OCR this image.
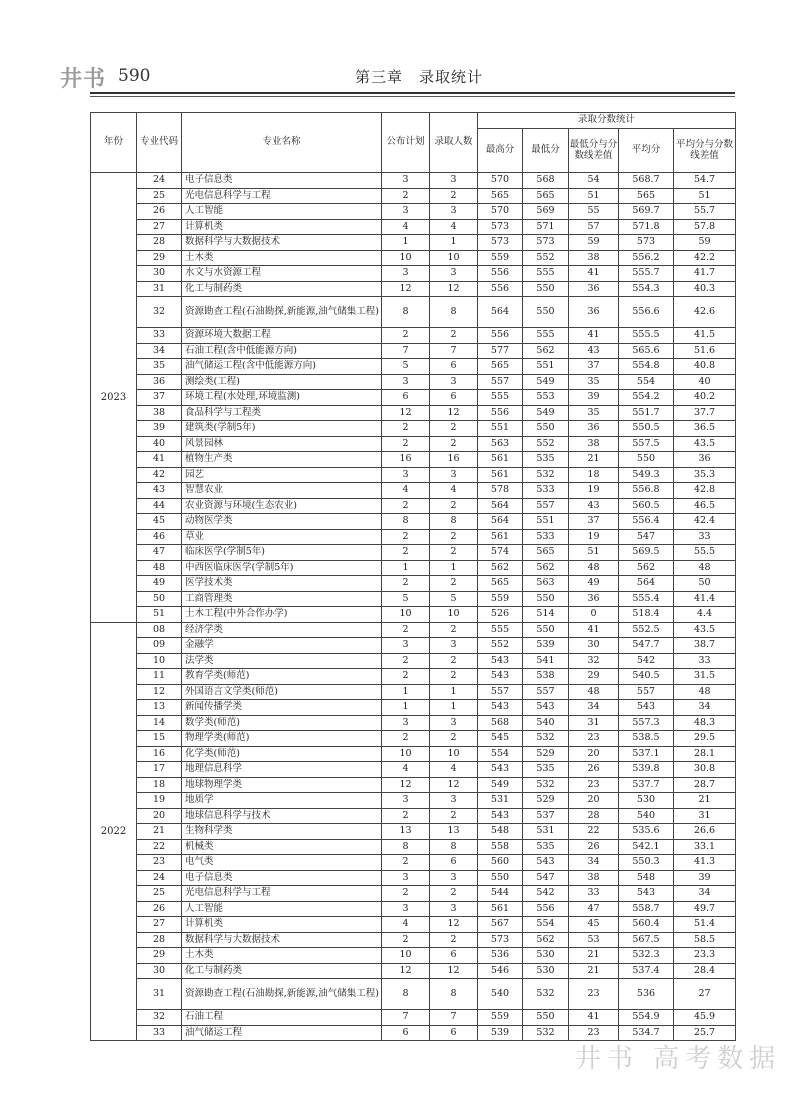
井书 590	第三章　录取统计
年份	专业代码	专业名称	公布计划	录取人数	录取分数统计				
					最高分	最低分	最低分与分数线差值	平均分	平均分与分数线差值
2023	24	电子信息类	3	3	570	568	54	568.7	54.7
	25	光电信息科学与工程	2	2	565	565	51	565	51
	26	人工智能	3	3	570	569	55	569.7	55.7
	27	计算机类	4	4	573	571	57	571.8	57.8
	28	数据科学与大数据技术	1	1	573	573	59	573	59
	29	土木类	10	10	559	552	38	556.2	42.2
	30	水文与水资源工程	3	3	556	555	41	555.7	41.7
	31	化工与制药类	12	12	556	550	36	554.3	40.3
	32	资源勘查工程(石油勘探,新能源,油气储集工程)	8	8	564	550	36	556.6	42.6
	33	资源环境大数据工程	2	2	556	555	41	555.5	41.5
	34	石油工程(含中低能源方向)	7	7	577	562	43	565.6	51.6
	35	油气储运工程(含中低能源方向)	5	6	565	551	37	554.8	40.8
	36	测绘类(工程)	3	3	557	549	35	554	40
	37	环境工程(水处理,环境监测)	6	6	555	553	39	554.2	40.2
	38	食品科学与工程类	12	12	556	549	35	551.7	37.7
	39	建筑类(学制5年)	2	2	551	550	36	550.5	36.5
	40	风景园林	2	2	563	552	38	557.5	43.5
	41	植物生产类	16	16	561	535	21	550	36
	42	园艺	3	3	561	532	18	549.3	35.3
	43	智慧农业	4	4	578	533	19	556.8	42.8
	44	农业资源与环境(生态农业)	2	2	564	557	43	560.5	46.5
	45	动物医学类	8	8	564	551	37	556.4	42.4
	46	草业	2	2	561	533	19	547	33
	47	临床医学(学制5年)	2	2	574	565	51	569.5	55.5
	48	中西医临床医学(学制5年)	1	1	562	562	48	562	48
	49	医学技术类	2	2	565	563	49	564	50
	50	工商管理类	5	5	559	550	36	555.4	41.4
	51	土木工程(中外合作办学)	10	10	526	514	0	518.4	4.4
2022	08	经济学类	2	2	555	550	41	552.5	43.5
	09	金融学	3	3	552	539	30	547.7	38.7
	10	法学类	2	2	543	541	32	542	33
	11	教育学类(师范)	2	2	543	538	29	540.5	31.5
	12	外国语言文学类(师范)	1	1	557	557	48	557	48
	13	新闻传播学类	1	1	543	543	34	543	34
	14	数学类(师范)	3	3	568	540	31	557.3	48.3
	15	物理学类(师范)	2	2	545	532	23	538.5	29.5
	16	化学类(师范)	10	10	554	529	20	537.1	28.1
	17	地理信息科学	4	4	543	535	26	539.8	30.8
	18	地球物理学类	12	12	549	532	23	537.7	28.7
	19	地质学	3	3	531	529	20	530	21
	20	地球信息科学与技术	2	2	543	537	28	540	31
	21	生物科学类	13	13	548	531	22	535.6	26.6
	22	机械类	8	8	558	535	26	542.1	33.1
	23	电气类	2	6	560	543	34	550.3	41.3
	24	电子信息类	3	3	550	547	38	548	39
	25	光电信息科学与工程	2	2	544	542	33	543	34
	26	人工智能	3	3	561	556	47	558.7	49.7
	27	计算机类	4	12	567	554	45	560.4	51.4
	28	数据科学与大数据技术	2	2	573	562	53	567.5	58.5
	29	土木类	10	6	536	530	21	532.3	23.3
	30	化工与制药类	12	12	546	530	21	537.4	28.4
	31	资源勘查工程(石油勘探,新能源,油气储集工程)	8	8	540	532	23	536	27
	32	石油工程	7	7	559	550	41	554.9	45.9
	33	油气储运工程	6	6	539	532	23	534.7	25.7
井书 高考数据
